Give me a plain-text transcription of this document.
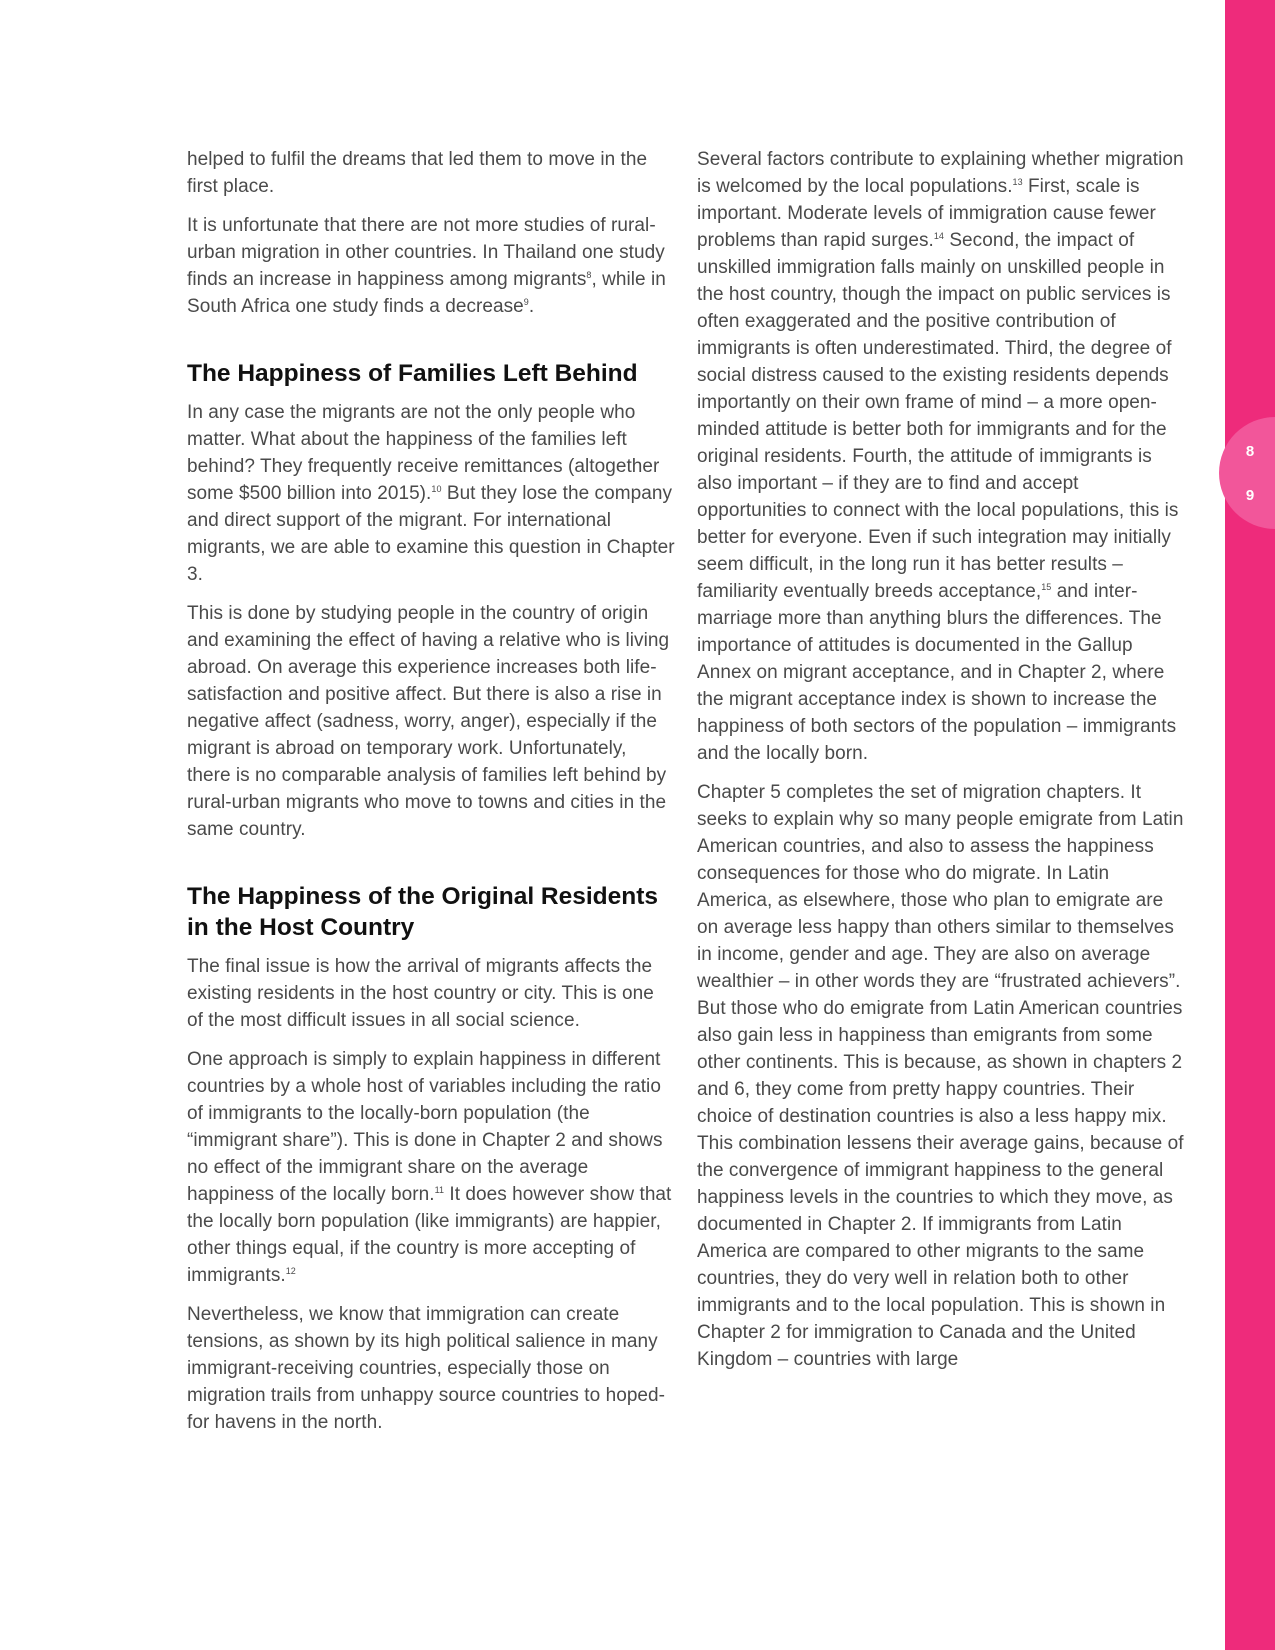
helped to fulfil the dreams that led them to move in the first place.

It is unfortunate that there are not more studies of rural-urban migration in other countries. In Thailand one study finds an increase in happiness among migrants$^8$, while in South Africa one study finds a decrease$^9$.

The Happiness of Families Left Behind

In any case the migrants are not the only people who matter. What about the happiness of the families left behind? They frequently receive remittances (altogether some $500 billion into 2015).$^{10}$ But they lose the company and direct support of the migrant. For international migrants, we are able to examine this question in Chapter 3.

This is done by studying people in the country of origin and examining the effect of having a relative who is living abroad. On average this experience increases both life-satisfaction and positive affect. But there is also a rise in negative affect (sadness, worry, anger), especially if the migrant is abroad on temporary work. Unfortunately, there is no comparable analysis of families left behind by rural-urban migrants who move to towns and cities in the same country.

The Happiness of the Original Residents in the Host Country

The final issue is how the arrival of migrants affects the existing residents in the host country or city. This is one of the most difficult issues in all social science.

One approach is simply to explain happiness in different countries by a whole host of variables including the ratio of immigrants to the locally-born population (the “immigrant share”). This is done in Chapter 2 and shows no effect of the immigrant share on the average happiness of the locally born.$^{11}$ It does however show that the locally born population (like immigrants) are happier, other things equal, if the country is more accepting of immigrants.$^{12}$

Nevertheless, we know that immigration can create tensions, as shown by its high political salience in many immigrant-receiving countries, especially those on migration trails from unhappy source countries to hoped-for havens in the north.

Several factors contribute to explaining whether migration is welcomed by the local populations.$^{13}$ First, scale is important. Moderate levels of immigration cause fewer problems than rapid surges.$^{14}$ Second, the impact of unskilled immigration falls mainly on unskilled people in the host country, though the impact on public services is often exaggerated and the positive contribution of immigrants is often underestimated. Third, the degree of social distress caused to the existing residents depends importantly on their own frame of mind – a more open-minded attitude is better both for immigrants and for the original residents. Fourth, the attitude of immigrants is also important – if they are to find and accept opportunities to connect with the local populations, this is better for everyone. Even if such integration may initially seem difficult, in the long run it has better results – familiarity eventually breeds acceptance,$^{15}$ and inter-marriage more than anything blurs the differences. The importance of attitudes is documented in the Gallup Annex on migrant acceptance, and in Chapter 2, where the migrant acceptance index is shown to increase the happiness of both sectors of the population – immigrants and the locally born.

Chapter 5 completes the set of migration chapters. It seeks to explain why so many people emigrate from Latin American countries, and also to assess the happiness consequences for those who do migrate. In Latin America, as elsewhere, those who plan to emigrate are on average less happy than others similar to themselves in income, gender and age. They are also on average wealthier – in other words they are “frustrated achievers”. But those who do emigrate from Latin American countries also gain less in happiness than emigrants from some other continents. This is because, as shown in chapters 2 and 6, they come from pretty happy countries. Their choice of destination countries is also a less happy mix. This combination lessens their average gains, because of the convergence of immigrant happiness to the general happiness levels in the countries to which they move, as documented in Chapter 2. If immigrants from Latin America are compared to other migrants to the same countries, they do very well in relation both to other immigrants and to the local population. This is shown in Chapter 2 for immigration to Canada and the United Kingdom – countries with large

8
9
